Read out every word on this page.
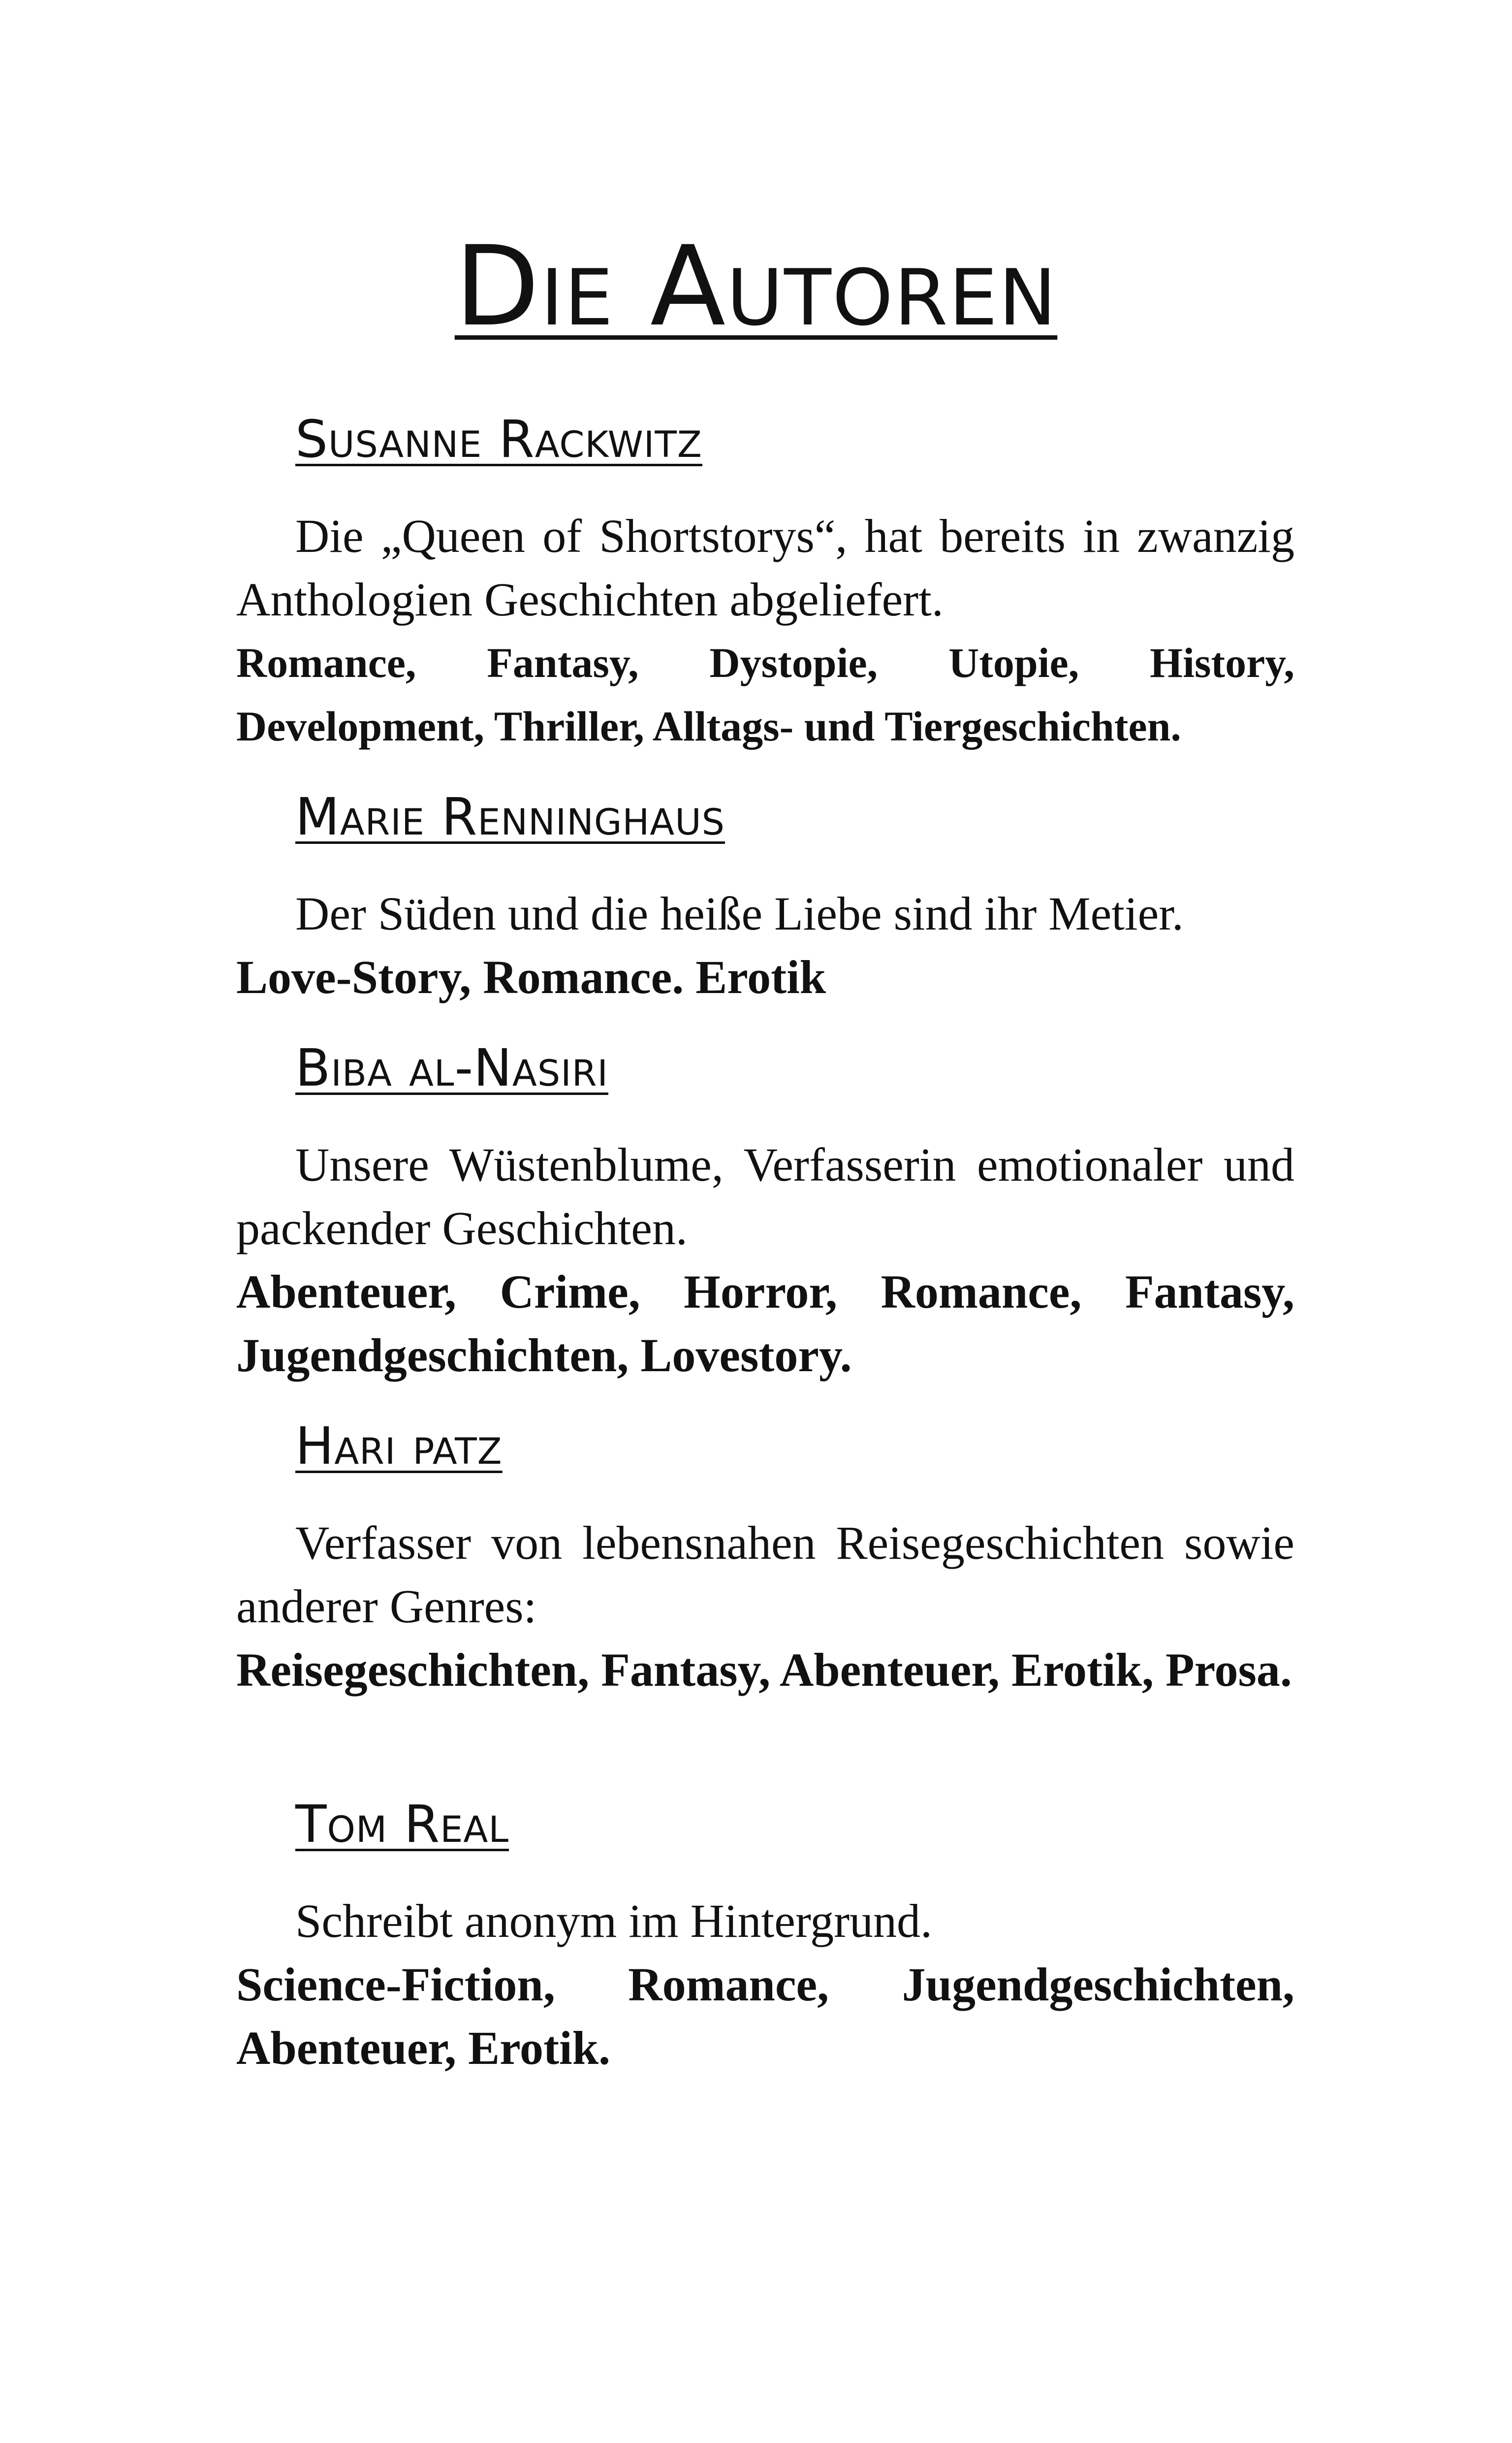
Die Autoren
Susanne Rackwitz

Die „Queen of Shortstorys“, hat bereits in zwanzig Anthologien Geschichten abgeliefert.

Romance, Fantasy, Dystopie, Utopie, History, Development, Thriller, Alltags- und Tiergeschichten.

Marie Renninghaus

Der Süden und die heiße Liebe sind ihr Metier.

Love-Story, Romance. Erotik

Biba al-Nasiri

Unsere Wüstenblume, Verfasserin emotionaler und packender Geschichten.

Abenteuer, Crime, Horror, Romance, Fantasy, Jugendgeschichten, Lovestory.

Hari patz

Verfasser von lebensnahen Reisegeschichten sowie anderer Genres:

Reisegeschichten, Fantasy, Abenteuer, Erotik, Prosa.

Tom Real

Schreibt anonym im Hintergrund.

Science-Fiction, Romance, Jugendgeschichten, Abenteuer, Erotik.
